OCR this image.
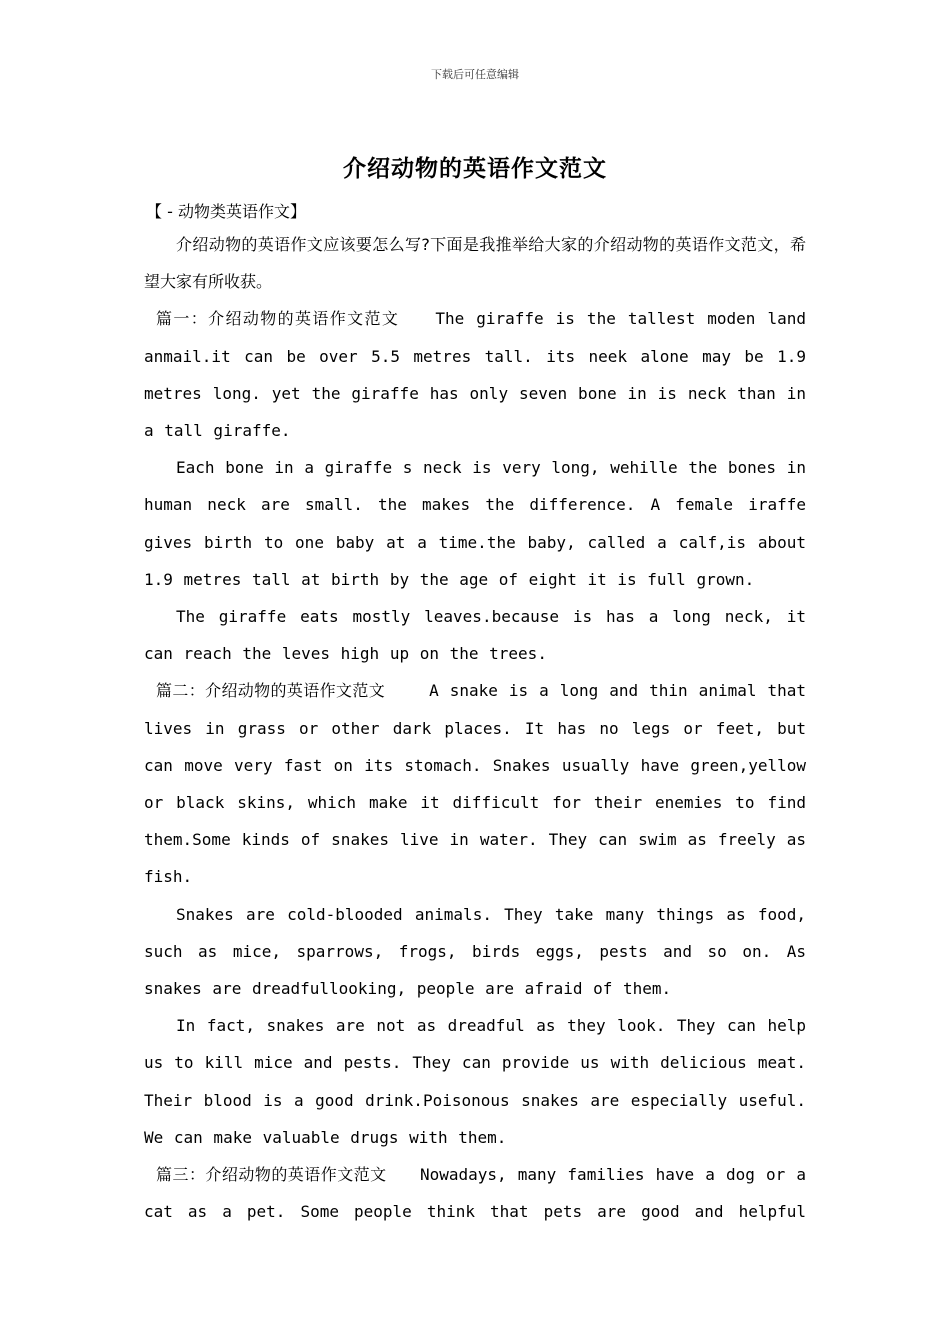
下载后可任意编辑
介绍动物的英语作文范文
【 - 动物类英语作文】

介绍动物的英语作文应该要怎么写?下面是我推举给大家的介绍动物的英语作文范文，希望大家有所收获。

篇一：介绍动物的英语作文范文 The giraffe is the tallest moden land anmail.it can be over 5.5 metres tall. its neek alone may be 1.9 metres long. yet the giraffe has only seven bone in is neck than in a tall giraffe.

Each bone in a giraffe s neck is very long, wehille the bones in human neck are small. the makes the difference. A female iraffe gives birth to one baby at a time.the baby, called a calf,is about 1.9 metres tall at birth by the age of eight it is full grown.

The giraffe eats mostly leaves.because is has a long neck, it can reach the leves high up on the trees.

篇二：介绍动物的英语作文范文	A snake is a long and thin animal that lives in grass or other dark places. It has no legs or feet, but can move very fast on its stomach. Snakes usually have green,yellow or black skins, which make it difficult for their enemies to find them.Some kinds of snakes live in water. They can swim as freely as fish.

Snakes are cold-blooded animals. They take many things as food, such as mice, sparrows, frogs, birds eggs, pests and so on. As snakes are dreadfullooking, people are afraid of them.

In fact, snakes are not as dreadful as they look. They can help us to kill mice and pests. They can provide us with delicious meat. Their blood is a good drink.Poisonous snakes are especially useful. We can make valuable drugs with them.

篇三：介绍动物的英语作文范文 Nowadays, many families have a dog or a cat as a pet. Some people think that pets are good and helpful
